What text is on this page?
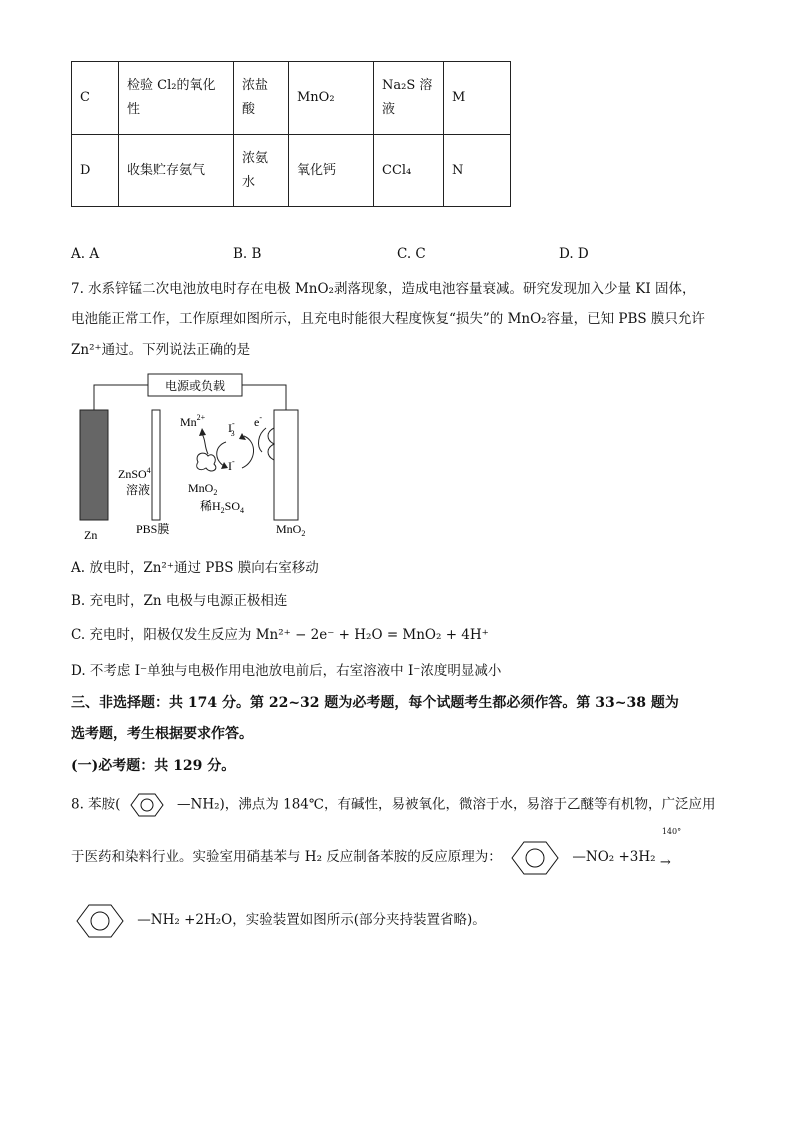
C	检验 Cl₂的氧化性	浓盐酸	MnO₂	Na₂S 溶液	M
D	收集贮存氨气	浓氨水	氧化钙	CCl₄	N
A. A	B. B	C. C	D. D
7. 水系锌锰二次电池放电时存在电极 MnO₂剥落现象，造成电池容量衰减。研究发现加入少量 KI 固体，
电池能正常工作，工作原理如图所示，且充电时能很大程度恢复“损失”的 MnO₂容量，已知 PBS 膜只允许
Zn²⁺通过。下列说法正确的是
电源或负载
Zn	PBS膜	MnO$_2$
ZnSO$^4$
溶液
$Mn^{2+}$
I-3
e-
I-
MnO$_2$
稀$H_2SO_4$
A. 放电时，Zn²⁺通过 PBS 膜向右室移动
B. 充电时，Zn 电极与电源正极相连
C. 充电时，阳极仅发生反应为 Mn²⁺ − 2e⁻ + H₂O = MnO₂ + 4H⁺
D. 不考虑 I⁻单独与电极作用电池放电前后，右室溶液中 I⁻浓度明显减小
三、非选择题：共 174 分。第 22~32 题为必考题，每个试题考生都必须作答。第 33~38 题为
选考题，考生根据要求作答。
(一)必考题：共 129 分。
8. 苯胺(	—NH₂)，沸点为 184℃，有碱性，易被氧化，微溶于水，易溶于乙醚等有机物，广泛应用
于医药和染料行业。实验室用硝基苯与 H₂ 反应制备苯胺的反应原理为：	—NO₂ +3H₂
140°
→
—NH₂ +2H₂O，实验装置如图所示(部分夹持装置省略)。
